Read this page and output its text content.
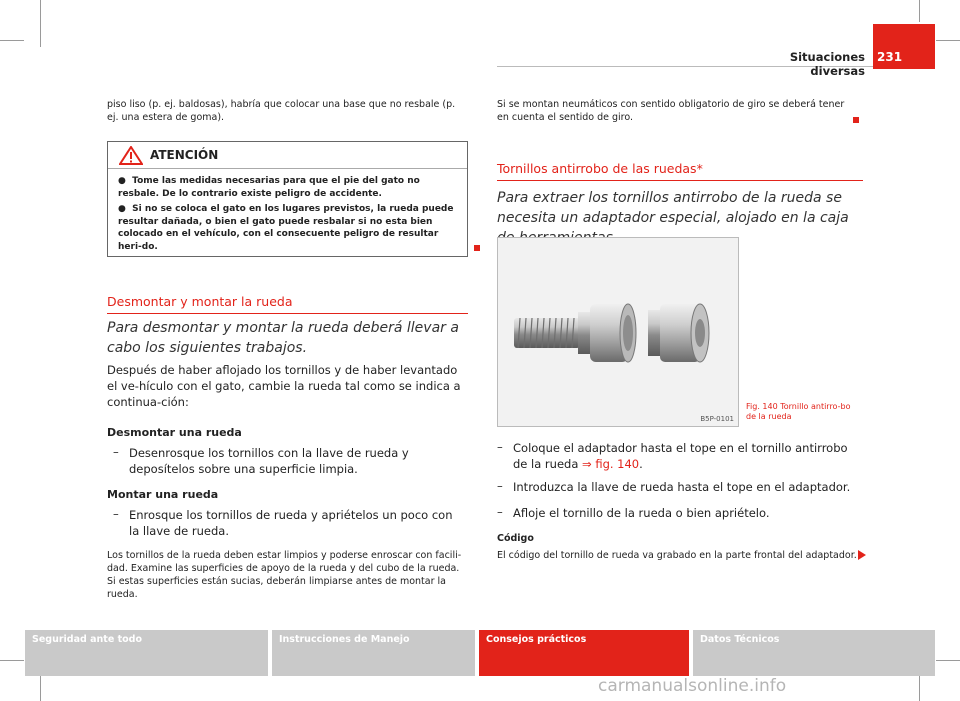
Situaciones diversas
231
piso liso (p. ej. baldosas), habría que colocar una base que no resbale (p. ej. una estera de goma).
ATENCIÓN
● Tome las medidas necesarias para que el pie del gato no resbale. De lo contrario existe peligro de accidente.
● Si no se coloca el gato en los lugares previstos, la rueda puede resultar dañada, o bien el gato puede resbalar si no esta bien colocado en el vehículo, con el consecuente peligro de resultar heri-do.
Desmontar y montar la rueda
Para desmontar y montar la rueda deberá llevar a cabo los siguientes trabajos.
Después de haber aflojado los tornillos y de haber levantado el ve-hículo con el gato, cambie la rueda tal como se indica a continua-ción:
Desmontar una rueda
– Desenrosque los tornillos con la llave de rueda y deposítelos sobre una superficie limpia.
Montar una rueda
– Enrosque los tornillos de rueda y apriételos un poco con la llave de rueda.
Los tornillos de la rueda deben estar limpios y poderse enroscar con facili-dad. Examine las superficies de apoyo de la rueda y del cubo de la rueda. Si estas superficies están sucias, deberán limpiarse antes de montar la rueda.
Si se montan neumáticos con sentido obligatorio de giro se deberá tener en cuenta el sentido de giro.
Tornillos antirrobo de las ruedas*
Para extraer los tornillos antirrobo de la rueda se necesita un adaptador especial, alojado en la caja
B5P-0101
Fig. 140 Tornillo antirro-bo de la rueda
– Coloque el adaptador hasta el tope en el tornillo antirrobo de la rueda ⇒ fig. 140.
– Introduzca la llave de rueda hasta el tope en el adaptador.
– Afloje el tornillo de la rueda o bien apriételo.
Código
El código del tornillo de rueda va grabado en la parte frontal del adaptador.
Seguridad ante todo	Instrucciones de Manejo	Consejos prácticos	Datos Técnicos
carmanualsonline.info
